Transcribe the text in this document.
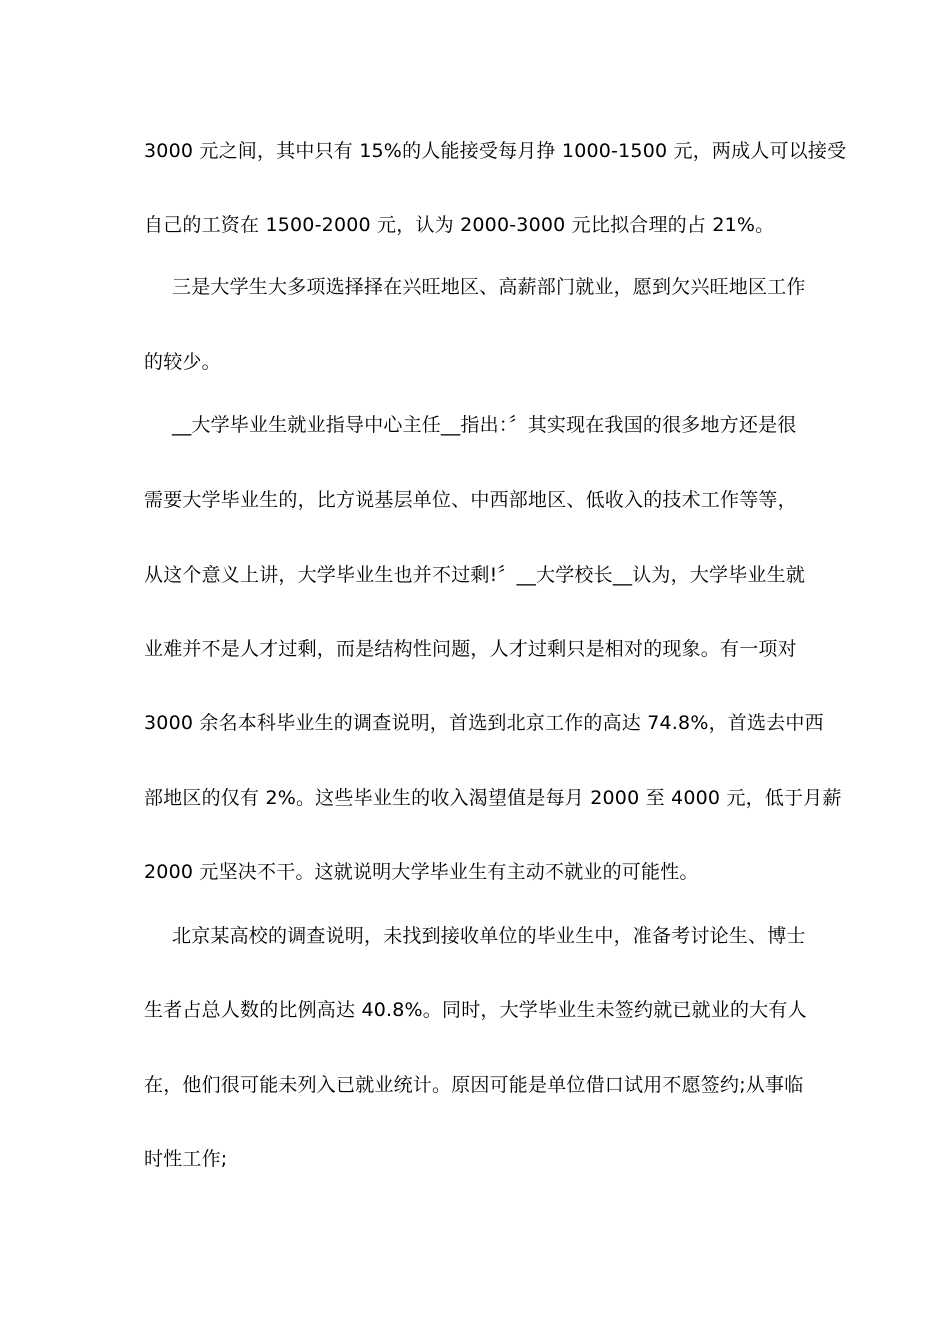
3000 元之间，其中只有 15%的人能接受每月挣 1000-1500 元，两成人可以接受
自己的工资在 1500-2000 元，认为 2000-3000 元比拟合理的占 21%。
三是大学生大多项选择择在兴旺地区、高薪部门就业，愿到欠兴旺地区工作
的较少。
__大学毕业生就业指导中心主任__指出：〞其实现在我国的很多地方还是很
需要大学毕业生的，比方说基层单位、中西部地区、低收入的技术工作等等，
从这个意义上讲，大学毕业生也并不过剩!〞__大学校长__认为，大学毕业生就
业难并不是人才过剩，而是结构性问题，人才过剩只是相对的现象。有一项对
3000 余名本科毕业生的调查说明，首选到北京工作的高达 74.8%，首选去中西
部地区的仅有 2%。这些毕业生的收入渴望值是每月 2000 至 4000 元，低于月薪
2000 元坚决不干。这就说明大学毕业生有主动不就业的可能性。
北京某高校的调查说明，未找到接收单位的毕业生中，准备考讨论生、博士
生者占总人数的比例高达 40.8%。同时，大学毕业生未签约就已就业的大有人
在，他们很可能未列入已就业统计。原因可能是单位借口试用不愿签约;从事临
时性工作;
